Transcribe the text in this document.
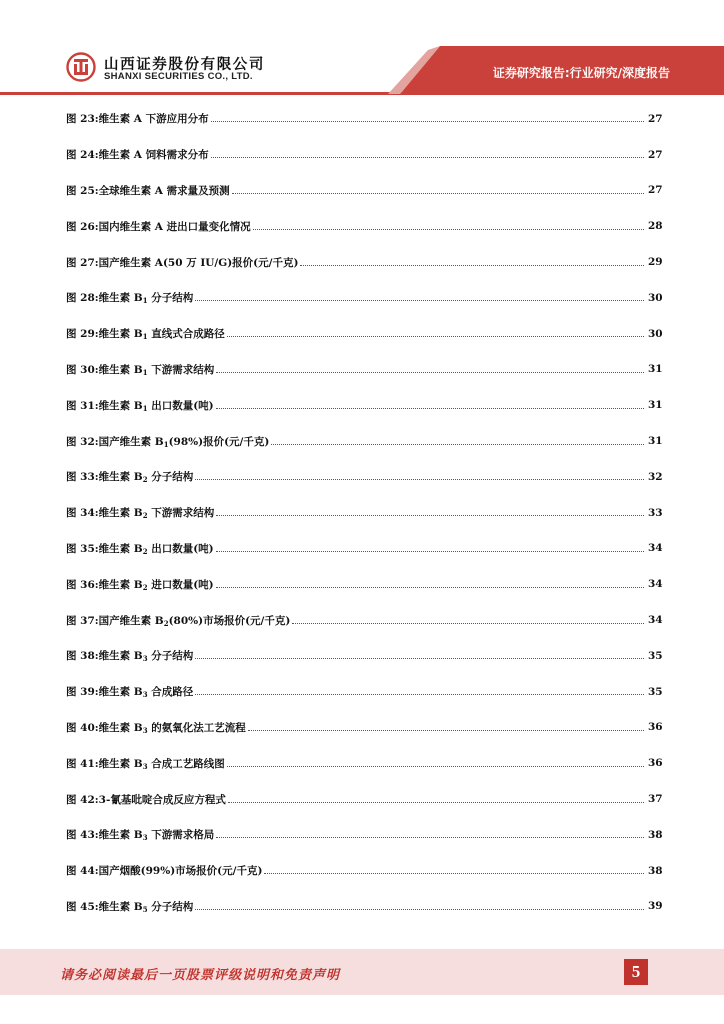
山西证券股份有限公司
SHANXI SECURITIES CO., LTD.	证券研究报告:行业研究/深度报告
图 23:维生素 A 下游应用分布	27
图 24:维生素 A 饲料需求分布	27
图 25:全球维生素 A 需求量及预测	27
图 26:国内维生素 A 进出口量变化情况	28
图 27:国产维生素 A(50 万 IU/G)报价(元/千克)	29
图 28:维生素 $B_1$ 分子结构	30
图 29:维生素 $B_1$ 直线式合成路径	30
图 30:维生素 $B_1$ 下游需求结构	31
图 31:维生素 $B_1$ 出口数量(吨)	31
图 32:国产维生素 $B_1(98\%)$报价(元/千克)	31
图 33:维生素 $B_2$ 分子结构	32
图 34:维生素 $B_2$ 下游需求结构	33
图 35:维生素 $B_2$ 出口数量(吨)	34
图 36:维生素 $B_2$ 进口数量(吨)	34
图 37:国产维生素 $B_2(80\%)$市场报价(元/千克)	34
图 38:维生素 $B_3$ 分子结构	35
图 39:维生素 $B_3$ 合成路径	35
图 40:维生素 $B_3$ 的氨氧化法工艺流程	36
图 41:维生素 $B_3$ 合成工艺路线图	36
图 42:3-氰基吡啶合成反应方程式	37
图 43:维生素 $B_3$ 下游需求格局	38
图 44:国产烟酸(99%)市场报价(元/千克)	38
图 45:维生素 $B_5$ 分子结构	39
请务必阅读最后一页股票评级说明和免责声明	5
